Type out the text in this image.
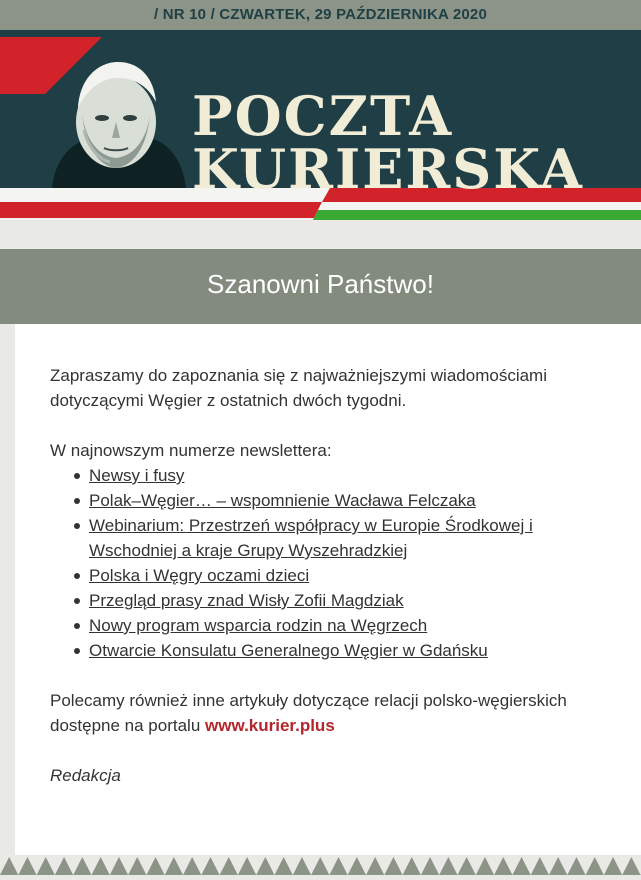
/ NR 10 / CZWARTEK, 29 PAŹDZIERNIKA 2020
POCZTA
KURIERSKA
Szanowni Państwo!

Zapraszamy do zapoznania się z najważniejszymi wiadomościami dotyczącymi Węgier z ostatnich dwóch tygodni.

W najnowszym numerze newslettera:

Newsy i fusy
Polak–Węgier… – wspomnienie Wacława Felczaka
Webinarium: Przestrzeń współpracy w Europie Środkowej i Wschodniej a kraje Grupy Wyszehradzkiej
Polska i Węgry oczami dzieci
Przegląd prasy znad Wisły Zofii Magdziak
Nowy program wsparcia rodzin na Węgrzech
Otwarcie Konsulatu Generalnego Węgier w Gdańsku

Polecamy również inne artykuły dotyczące relacji polsko-węgierskich dostępne na portalu www.kurier.plus

Redakcja
